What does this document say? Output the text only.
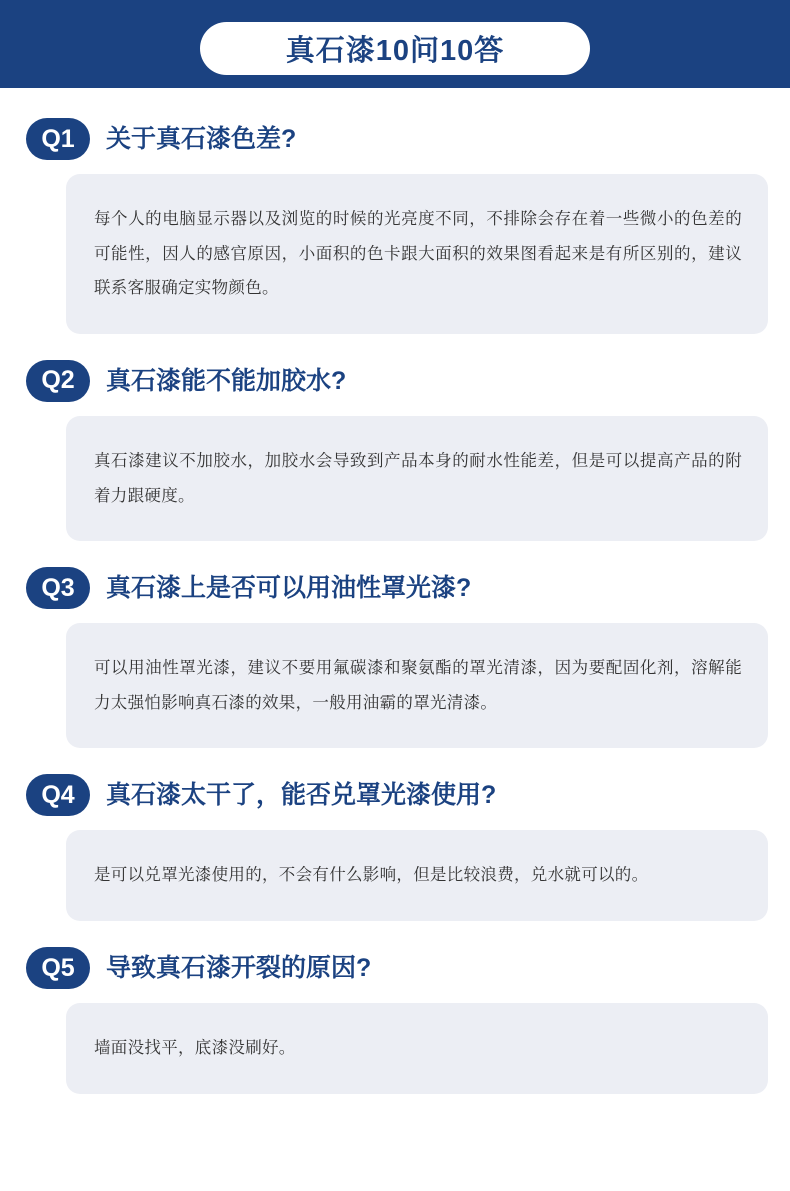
真石漆10问10答
Q1	关于真石漆色差?
每个人的电脑显示器以及浏览的时候的光亮度不同，不排除会存在着一些微小的色差的可能性，因人的感官原因，小面积的色卡跟大面积的效果图看起来是有所区别的，建议联系客服确定实物颜色。
Q2	真石漆能不能加胶水?
真石漆建议不加胶水，加胶水会导致到产品本身的耐水性能差，但是可以提高产品的附着力跟硬度。
Q3	真石漆上是否可以用油性罩光漆?
可以用油性罩光漆，建议不要用氟碳漆和聚氨酯的罩光清漆，因为要配固化剂，溶解能力太强怕影响真石漆的效果，一般用油霸的罩光清漆。
Q4	真石漆太干了，能否兑罩光漆使用?
是可以兑罩光漆使用的，不会有什么影响，但是比较浪费，兑水就可以的。
Q5	导致真石漆开裂的原因?
墙面没找平，底漆没刷好。
